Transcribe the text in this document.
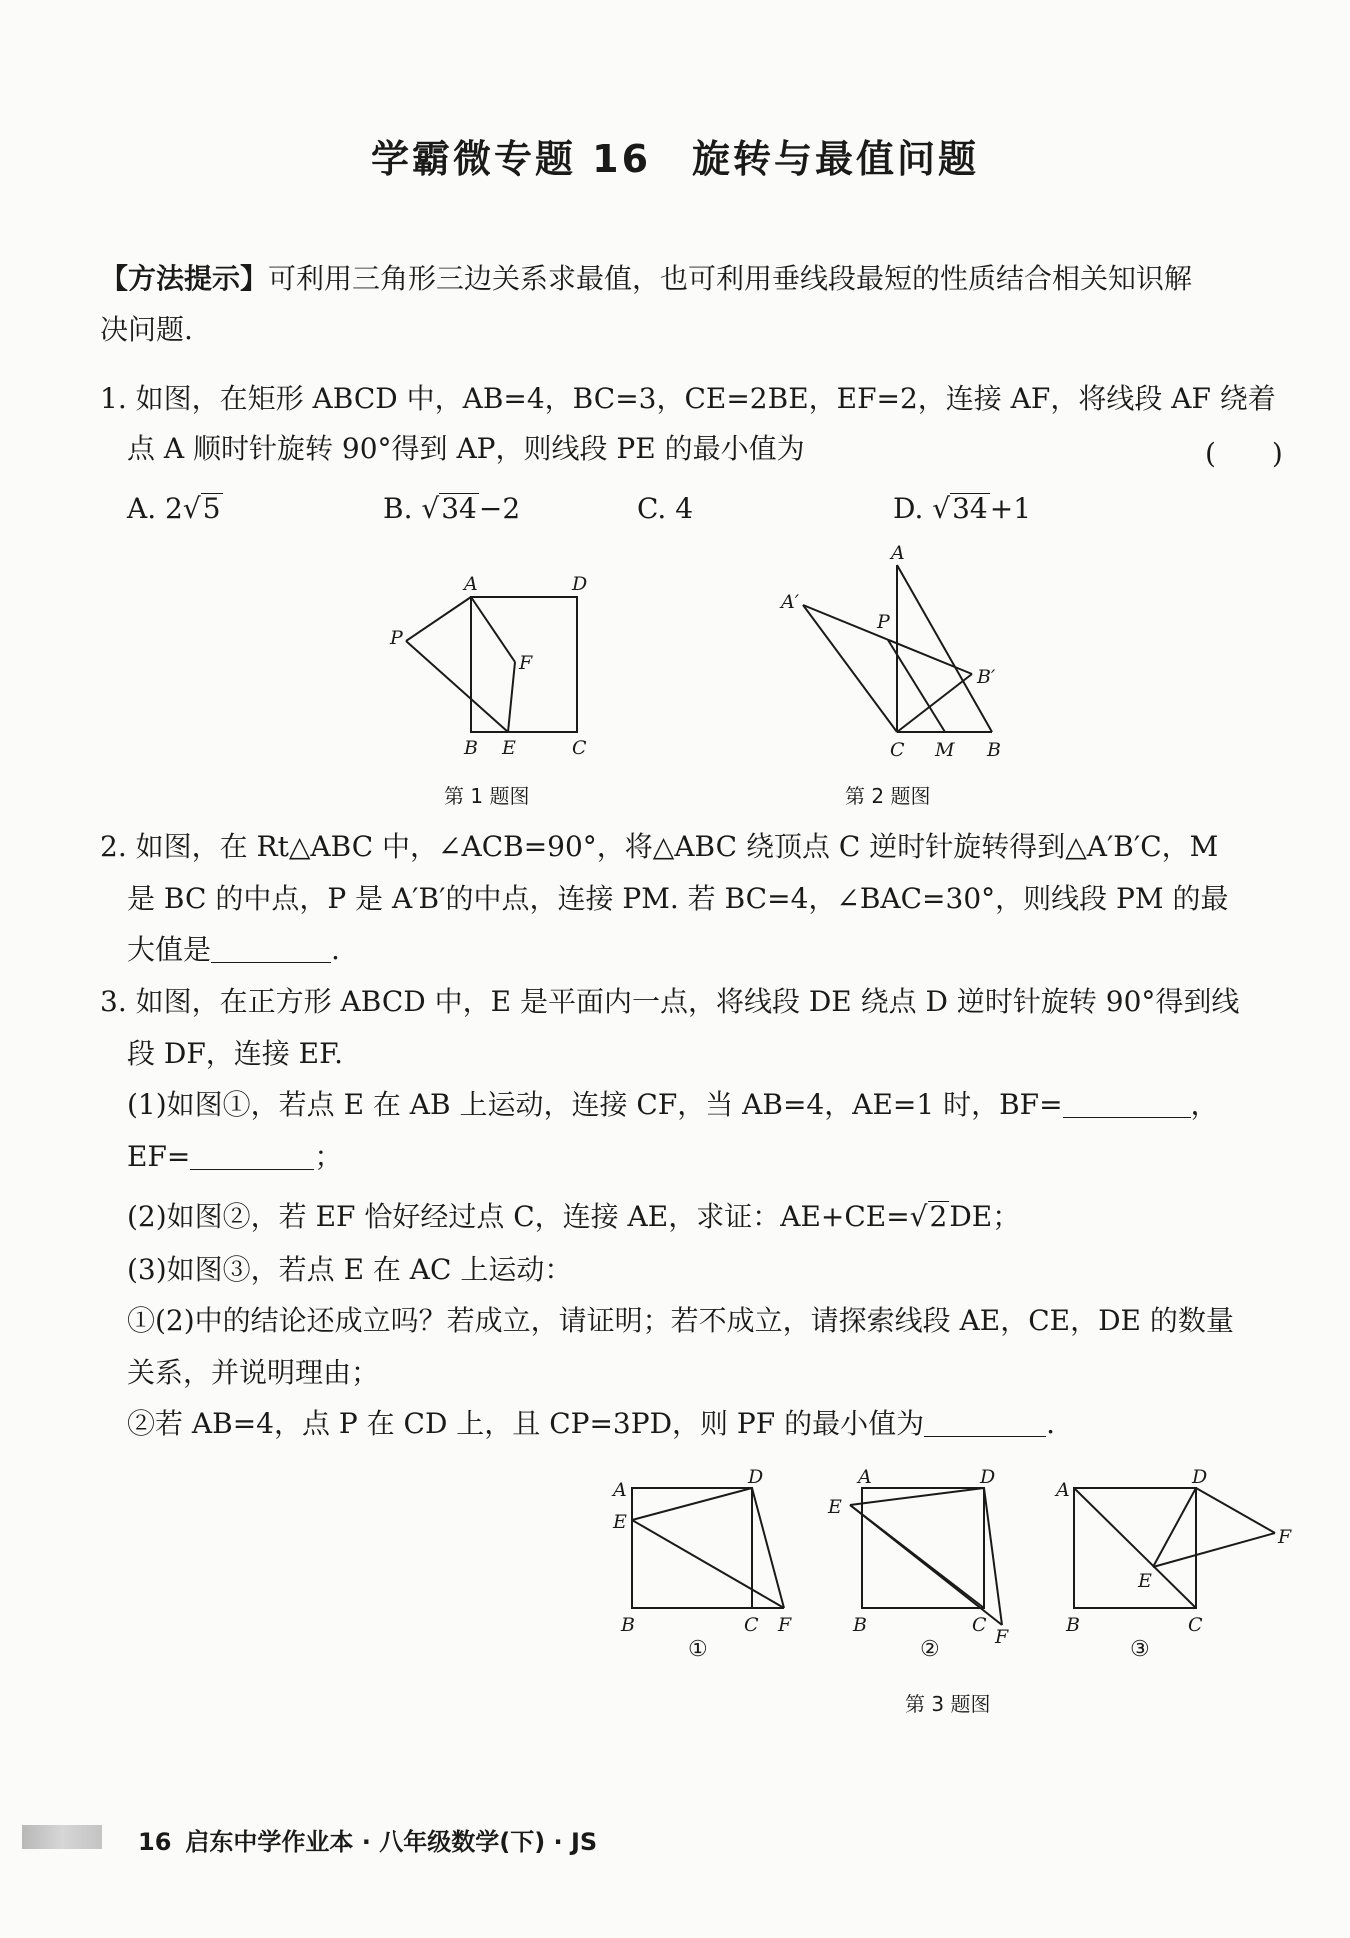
学霸微专题 16　旋转与最值问题
【方法提示】可利用三角形三边关系求最值，也可利用垂线段最短的性质结合相关知识解
决问题.
1. 如图，在矩形 ABCD 中，AB=4，BC=3，CE=2BE，EF=2，连接 AF，将线段 AF 绕着
点 A 顺时针旋转 90°得到 AP，则线段 PE 的最小值为	(　　)
A. 2√5	B. √34−2	C. 4	D. √34+1
A	D
B E	C
F
P
第 1 题图
A
A′
P
B′
C M B
第 2 题图
2. 如图，在 Rt△ABC 中，∠ACB=90°，将△ABC 绕顶点 C 逆时针旋转得到△A′B′C，M
是 BC 的中点，P 是 A′B′的中点，连接 PM. 若 BC=4，∠BAC=30°，则线段 PM 的最
大值是	.
3. 如图，在正方形 ABCD 中，E 是平面内一点，将线段 DE 绕点 D 逆时针旋转 90°得到线
段 DF，连接 EF.
(1)如图①，若点 E 在 AB 上运动，连接 CF，当 AB=4，AE=1 时，BF=	，
EF=	；
(2)如图②，若 EF 恰好经过点 C，连接 AE，求证：AE+CE=√2DE；
(3)如图③，若点 E 在 AC 上运动：
①(2)中的结论还成立吗？若成立，请证明；若不成立，请探索线段 AE，CE，DE 的数量
关系，并说明理由；
②若 AB=4，点 P 在 CD 上，且 CP=3PD，则 PF 的最小值为	.
A
D
E
B	C F
①
A	D
E
B	C
F
②
A
D
F
E
B	C
③
第 3 题图
16 启东中学作业本 · 八年级数学(下) · JS
